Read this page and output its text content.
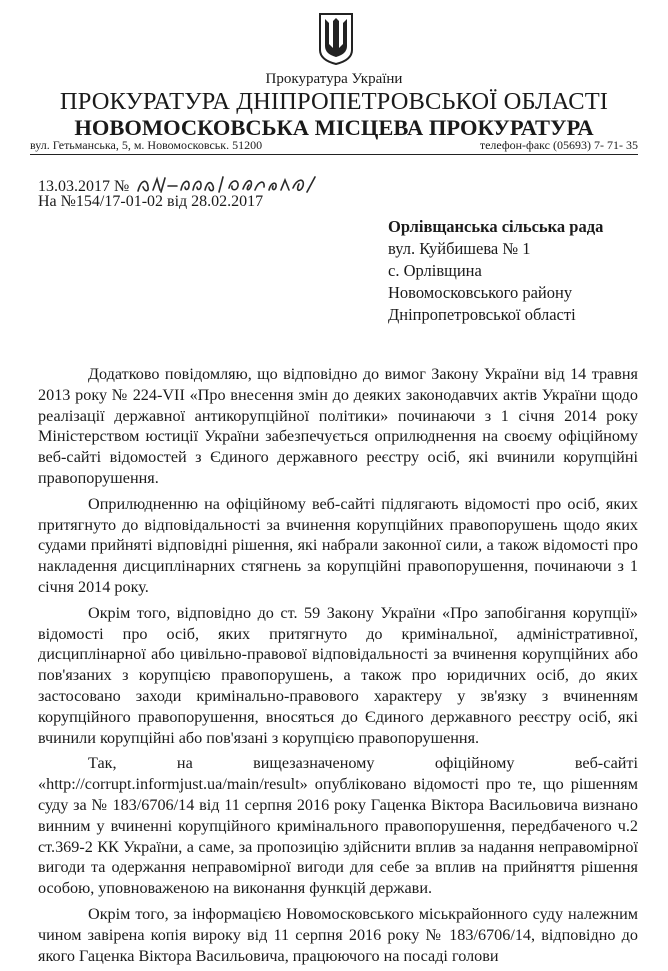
Прокуратура України
ПРОКУРАТУРА ДНІПРОПЕТРОВСЬКОЇ ОБЛАСТІ
НОВОМОСКОВСЬКА МІСЦЕВА ПРОКУРАТУРА
вул. Гетьманська, 5, м. Новомосковськ. 51200	телефон-факс (05693) 7- 71- 35
13.03.2017 №
На №154/17-01-02 від 28.02.2017
Орлівщанська сільська рада
вул. Куйбишева № 1
с. Орлівщина
Новомосковського району
Дніпропетровської області

Додатково повідомляю, що відповідно до вимог Закону України від 14 травня 2013 року № 224-VII «Про внесення змін до деяких законодавчих актів України щодо реалізації державної антикорупційної політики» починаючи з 1 січня 2014 року Міністерством юстиції України забезпечується оприлюднення на своєму офіційному веб-сайті відомостей з Єдиного державного реєстру осіб, які вчинили корупційні правопорушення.

Оприлюдненню на офіційному веб-сайті підлягають відомості про осіб, яких притягнуто до відповідальності за вчинення корупційних правопорушень щодо яких судами прийняті відповідні рішення, які набрали законної сили, а також відомості про накладення дисциплінарних стягнень за корупційні правопорушення, починаючи з 1 січня 2014 року.

Окрім того, відповідно до ст. 59 Закону України «Про запобігання корупції» відомості про осіб, яких притягнуто до кримінальної, адміністративної, дисциплінарної або цивільно-правової відповідальності за вчинення корупційних або пов'язаних з корупцією правопорушень, а також про юридичних осіб, до яких застосовано заходи кримінально-правового характеру у зв'язку з вчиненням корупційного правопорушення, вносяться до Єдиного державного реєстру осіб, які вчинили корупційні або пов'язані з корупцією правопорушення.

Так, на вищезазначеному офіційному веб-сайті «http://corrupt.informjust.ua/main/result» опубліковано відомості про те, що рішенням суду за № 183/6706/14 від 11 серпня 2016 року Гаценка Віктора Васильовича визнано винним у вчиненні корупційного кримінального правопорушення, передбаченого ч.2 ст.369-2 КК України, а саме, за пропозицію здійснити вплив за надання неправомірної вигоди та одержання неправомірної вигоди для себе за вплив на прийняття рішення особою, уповноваженою на виконання функцій держави.

Окрім того, за інформацією Новомосковського міськрайонного суду належним чином завірена копія вироку від 11 серпня 2016 року № 183/6706/14, відповідно до якого Гаценка Віктора Васильовича, працюючого на посаді голови
